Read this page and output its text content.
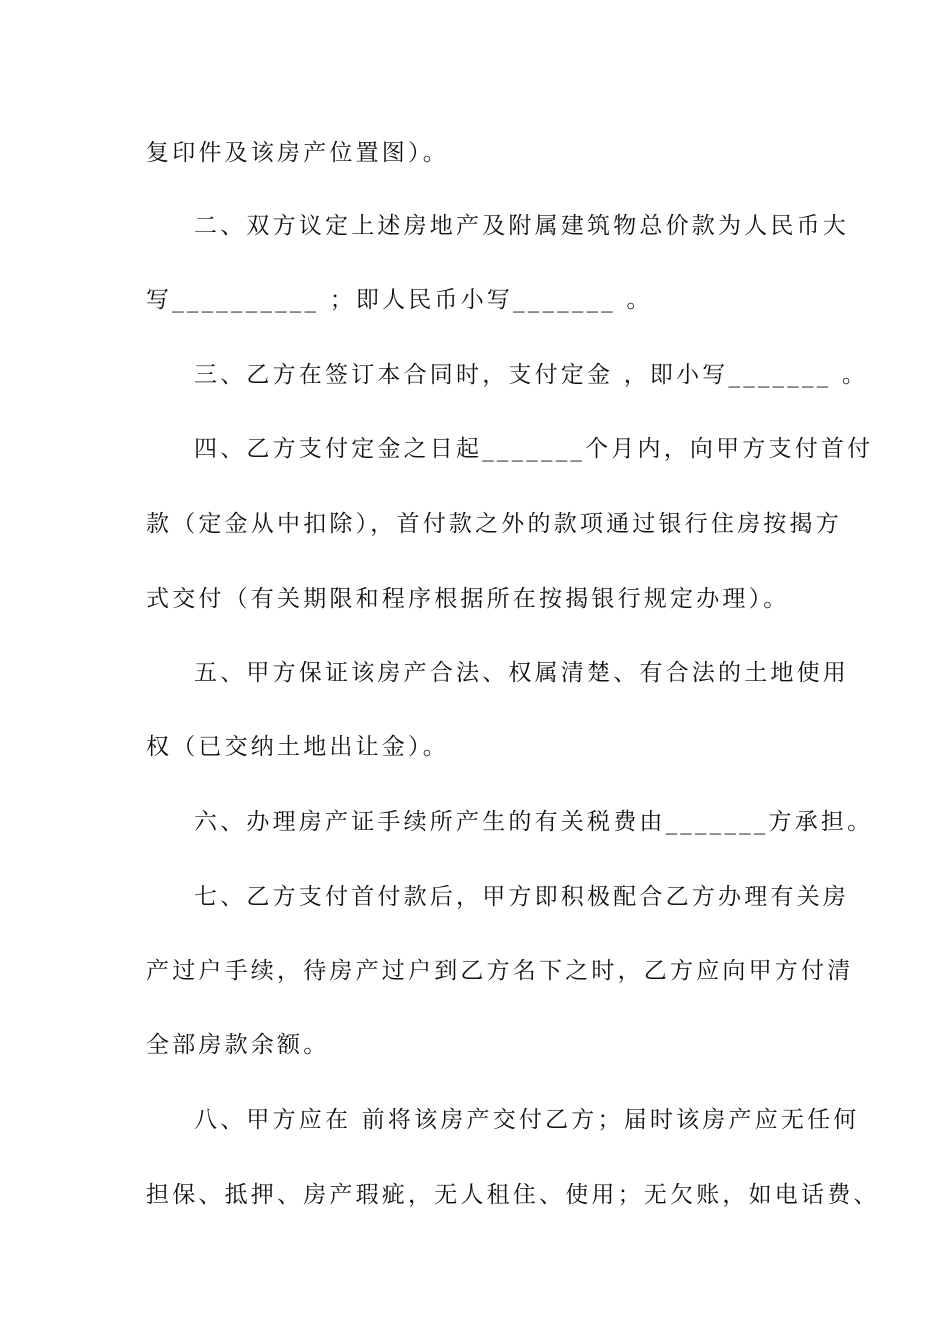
复印件及该房产位置图）。
二、双方议定上述房地产及附属建筑物总价款为人民币大
写__________ ；即人民币小写_______ 。
三、乙方在签订本合同时，支付定金 ，即小写_______ 。
四、乙方支付定金之日起_______个月内，向甲方支付首付
款（定金从中扣除），首付款之外的款项通过银行住房按揭方
式交付（有关期限和程序根据所在按揭银行规定办理）。
五、甲方保证该房产合法、权属清楚、有合法的土地使用
权（已交纳土地出让金）。
六、办理房产证手续所产生的有关税费由_______方承担。
七、乙方支付首付款后，甲方即积极配合乙方办理有关房
产过户手续，待房产过户到乙方名下之时，乙方应向甲方付清
全部房款余额。
八、甲方应在 前将该房产交付乙方；届时该房产应无任何
担保、抵押、房产瑕疵，无人租住、使用；无欠账，如电话费、
